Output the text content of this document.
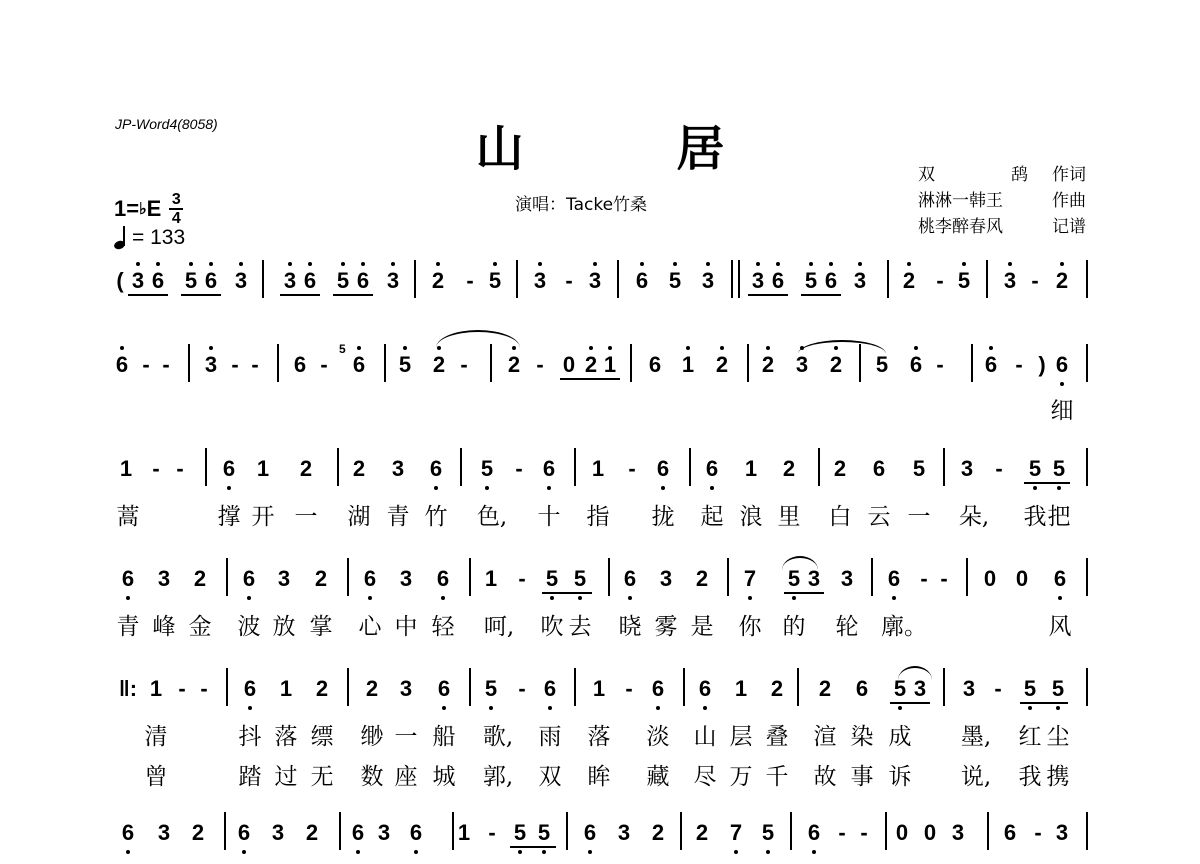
JP-Word4(8058)	山 居
演唱：Tacke竹桑
双	鸹 作词
淋淋一韩王	作曲
桃李醉春风	记谱
1= ♭ E $\frac{3}{4}$
= 133
( 3 6 5 6 3 3 6 5 6 3 2 - 5 3 - 3 6 5 3 3 6 5 6 3 2 - 5 3 - 2
6 - - 3 - - 6 - 6 5 2 - 2 - 0 2 1 6 1 2 2 3 2 5 6 - 6 - ) 6
细
1 - - 6 1 2 2 3 6 5 - 6 1 - 6 6 1 2 2 6 5 3 - 5 5
蒿	撑 开 一 湖 青 竹 色, 十 指 拢 起 浪 里 白 云 一 朵, 我 把
6 3 2 6 3 2 6 3 6 1 - 5 5 6 3 2 7 5 3 3 6 - - 0 0 6
青 峰 金 波 放 掌 心 中 轻 呵, 吹 去 晓 雾 是 你 的 轮 廓。	风
1 - - 6 1 2 2 3 6 5 - 6 1 - 6 6 1 2 2 6 5 3 3 - 5 5
清	抖 落 缥 缈 一 船 歌, 雨 落 淡 山 层 叠 渲 染 成 墨, 红 尘
曾	踏 过 无 数 座 城 郭, 双 眸 藏 尽 万 千 故 事 诉 说, 我 携
6 3 2 6 3 2 6 3 6 1 - 5 5 6 3 2 2 7 5 6 - - 0 0 3 6 - 3
5
‖:
